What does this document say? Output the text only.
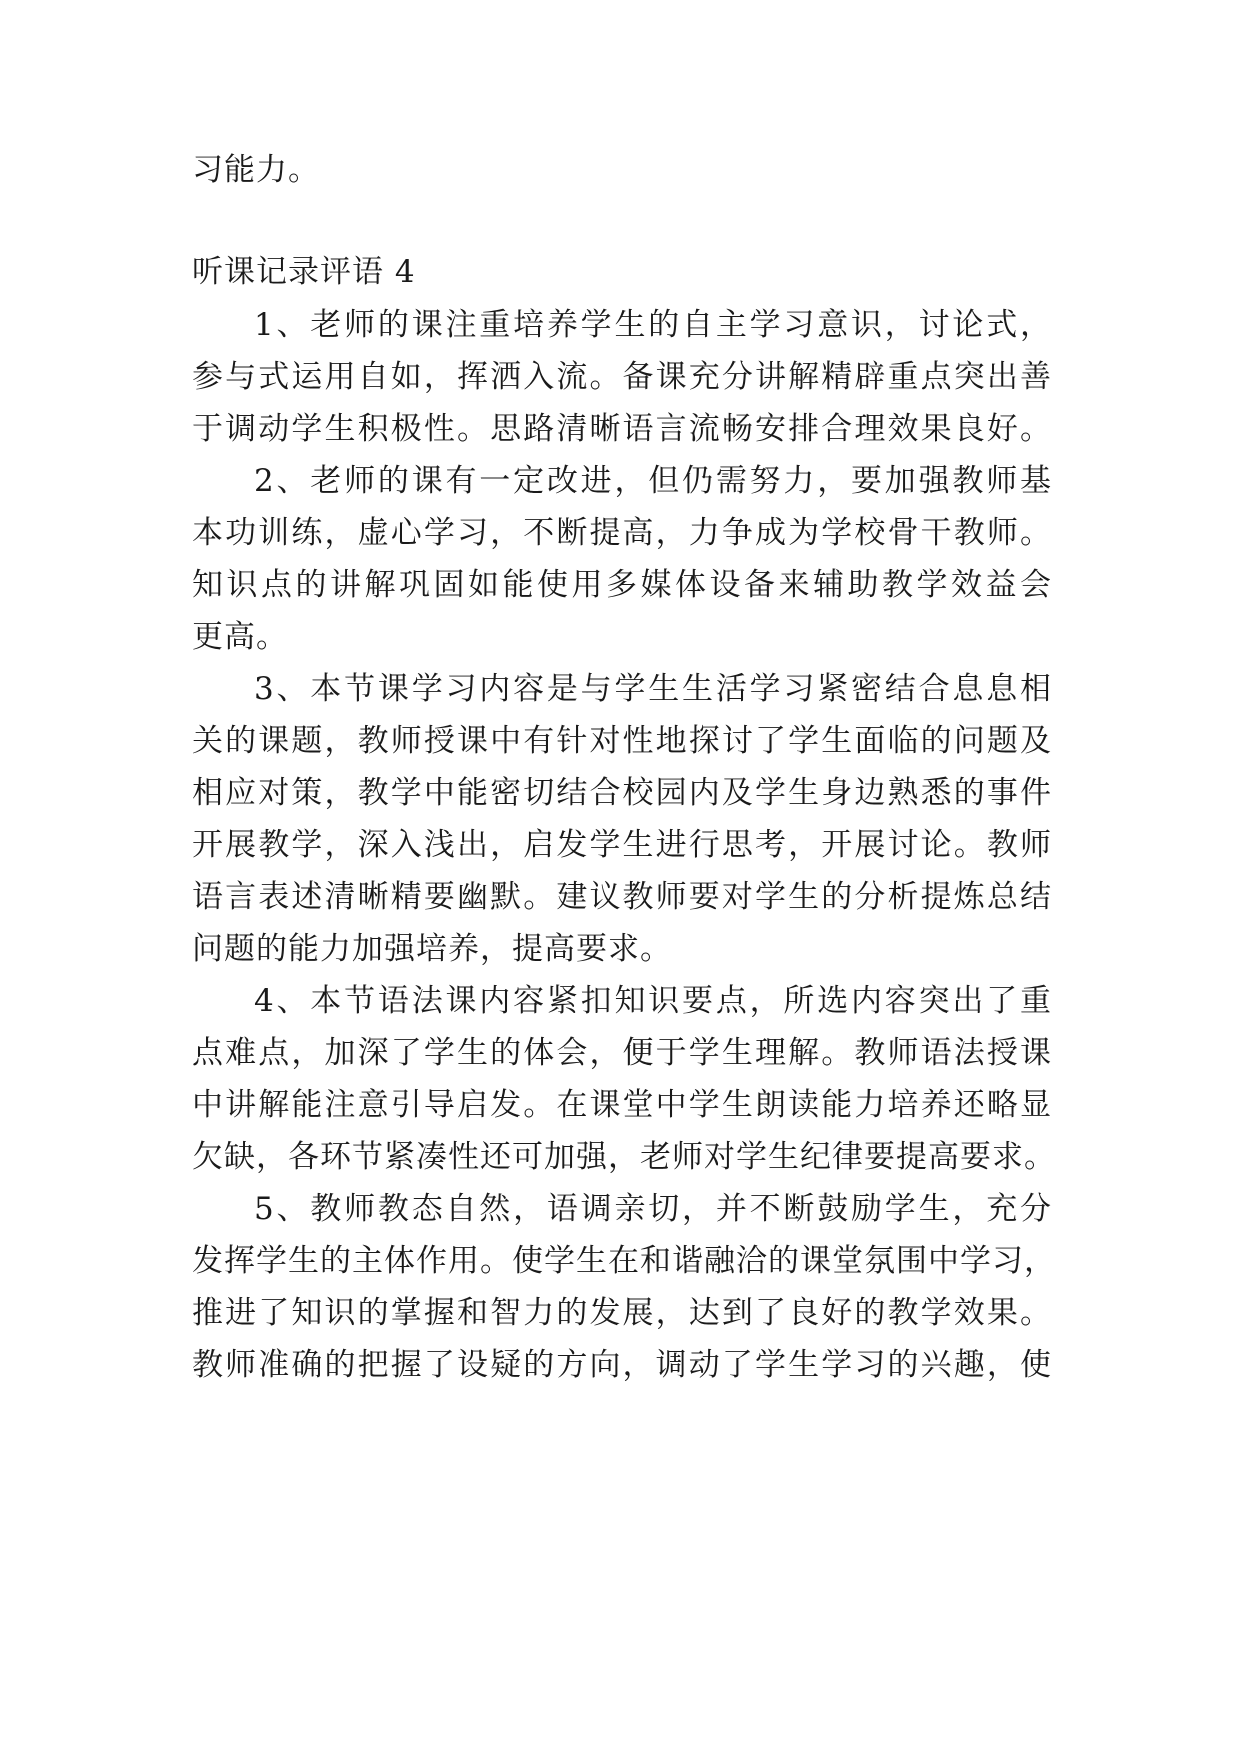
习能力。
听课记录评语 4
1、老师的课注重培养学生的自主学习意识，讨论式，
参与式运用自如，挥洒入流。备课充分讲解精辟重点突出善
于调动学生积极性。思路清晰语言流畅安排合理效果良好。
2、老师的课有一定改进，但仍需努力，要加强教师基
本功训练，虚心学习，不断提高，力争成为学校骨干教师。
知识点的讲解巩固如能使用多媒体设备来辅助教学效益会
更高。
3、本节课学习内容是与学生生活学习紧密结合息息相
关的课题，教师授课中有针对性地探讨了学生面临的问题及
相应对策，教学中能密切结合校园内及学生身边熟悉的事件
开展教学，深入浅出，启发学生进行思考，开展讨论。教师
语言表述清晰精要幽默。建议教师要对学生的分析提炼总结
问题的能力加强培养，提高要求。
4、本节语法课内容紧扣知识要点，所选内容突出了重
点难点，加深了学生的体会，便于学生理解。教师语法授课
中讲解能注意引导启发。在课堂中学生朗读能力培养还略显
欠缺，各环节紧凑性还可加强，老师对学生纪律要提高要求。
5、教师教态自然，语调亲切，并不断鼓励学生，充分
发挥学生的主体作用。使学生在和谐融洽的课堂氛围中学习，
推进了知识的掌握和智力的发展，达到了良好的教学效果。
教师准确的把握了设疑的方向，调动了学生学习的兴趣，使
